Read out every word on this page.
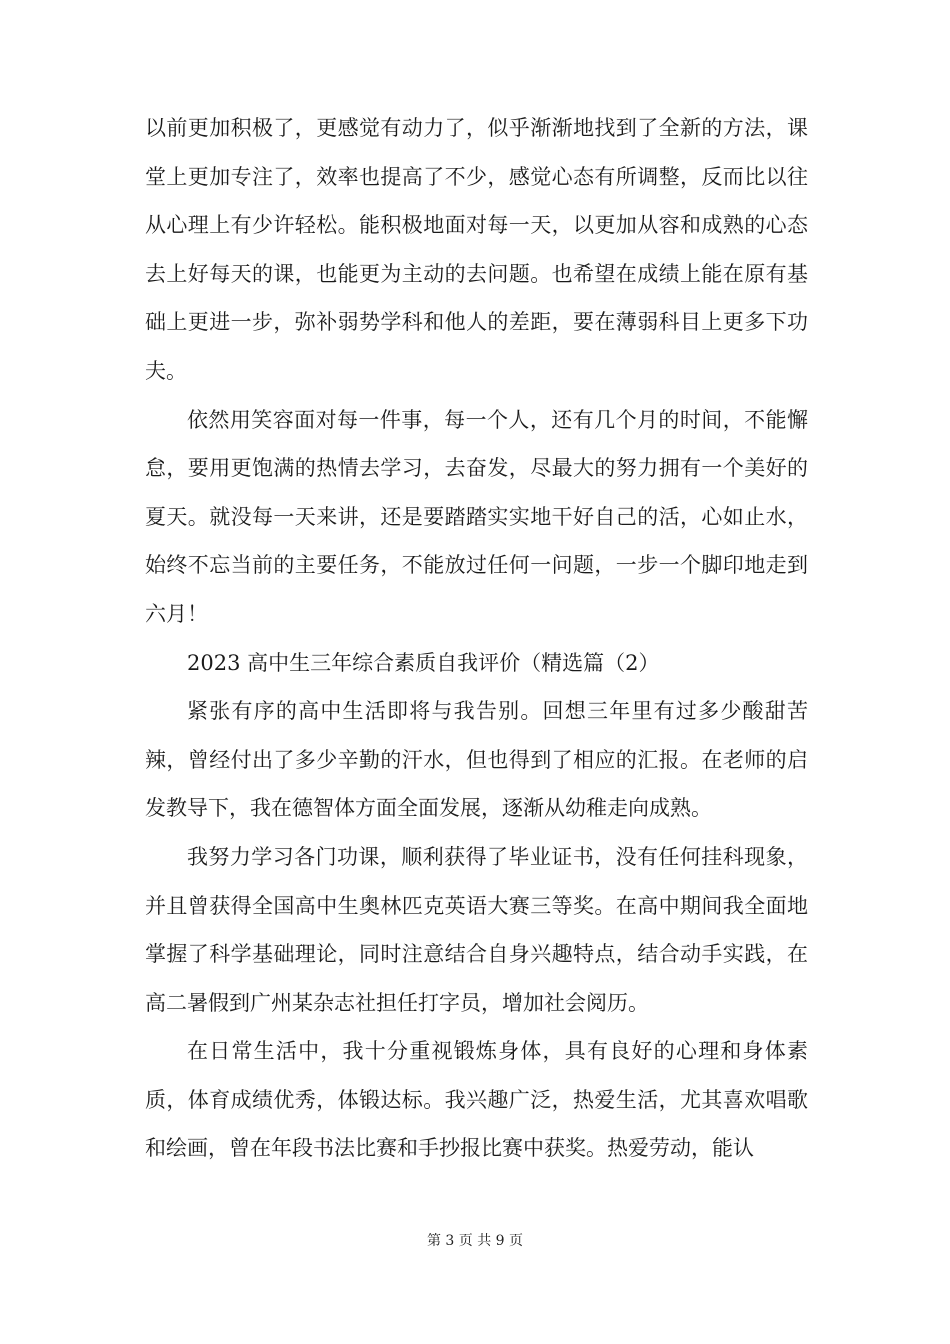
以前更加积极了，更感觉有动力了，似乎渐渐地找到了全新的方法，课堂上更加专注了，效率也提高了不少，感觉心态有所调整，反而比以往从心理上有少许轻松。能积极地面对每一天，以更加从容和成熟的心态去上好每天的课，也能更为主动的去问题。也希望在成绩上能在原有基础上更进一步，弥补弱势学科和他人的差距，要在薄弱科目上更多下功夫。

依然用笑容面对每一件事，每一个人，还有几个月的时间，不能懈怠，要用更饱满的热情去学习，去奋发，尽最大的努力拥有一个美好的夏天。就没每一天来讲，还是要踏踏实实地干好自己的活，心如止水，始终不忘当前的主要任务，不能放过任何一问题，一步一个脚印地走到六月！

2023 高中生三年综合素质自我评价（精选篇（2）

紧张有序的高中生活即将与我告别。回想三年里有过多少酸甜苦辣，曾经付出了多少辛勤的汗水，但也得到了相应的汇报。在老师的启发教导下，我在德智体方面全面发展，逐渐从幼稚走向成熟。

我努力学习各门功课，顺利获得了毕业证书，没有任何挂科现象，并且曾获得全国高中生奥林匹克英语大赛三等奖。在高中期间我全面地掌握了科学基础理论，同时注意结合自身兴趣特点，结合动手实践，在高二暑假到广州某杂志社担任打字员，增加社会阅历。

在日常生活中，我十分重视锻炼身体，具有良好的心理和身体素质，体育成绩优秀，体锻达标。我兴趣广泛，热爱生活，尤其喜欢唱歌和绘画，曾在年段书法比赛和手抄报比赛中获奖。热爱劳动，能认

第 3 页 共 9 页
